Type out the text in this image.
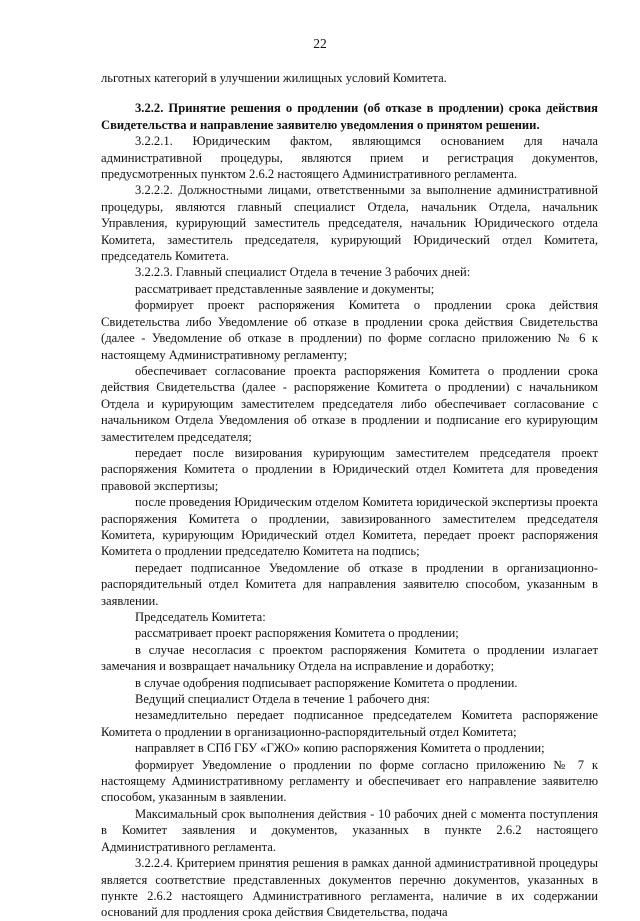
22

льготных категорий в улучшении жилищных условий Комитета.

3.2.2. Принятие решения о продлении (об отказе в продлении) срока действия Свидетельства и направление заявителю уведомления о принятом решении.

3.2.2.1. Юридическим фактом, являющимся основанием для начала административной процедуры, являются прием и регистрация документов, предусмотренных пунктом 2.6.2 настоящего Административного регламента.

3.2.2.2. Должностными лицами, ответственными за выполнение административной процедуры, являются главный специалист Отдела, начальник Отдела, начальник Управления, курирующий заместитель председателя, начальник Юридического отдела Комитета, заместитель председателя, курирующий Юридический отдел Комитета, председатель Комитета.

3.2.2.3. Главный специалист Отдела в течение 3 рабочих дней:

рассматривает представленные заявление и документы;

формирует проект распоряжения Комитета о продлении срока действия Свидетельства либо Уведомление об отказе в продлении срока действия Свидетельства (далее - Уведомление об отказе в продлении) по форме согласно приложению № 6 к настоящему Административному регламенту;

обеспечивает согласование проекта распоряжения Комитета о продлении срока действия Свидетельства (далее - распоряжение Комитета о продлении) с начальником Отдела и курирующим заместителем председателя либо обеспечивает согласование с начальником Отдела Уведомления об отказе в продлении и подписание его курирующим заместителем председателя;

передает после визирования курирующим заместителем председателя проект распоряжения Комитета о продлении в Юридический отдел Комитета для проведения правовой экспертизы;

после проведения Юридическим отделом Комитета юридической экспертизы проекта распоряжения Комитета о продлении, завизированного заместителем председателя Комитета, курирующим Юридический отдел Комитета, передает проект распоряжения Комитета о продлении председателю Комитета на подпись;

передает подписанное Уведомление об отказе в продлении в организационно-распорядительный отдел Комитета для направления заявителю способом, указанным в заявлении.

Председатель Комитета:

рассматривает проект распоряжения Комитета о продлении;

в случае несогласия с проектом распоряжения Комитета о продлении излагает замечания и возвращает начальнику Отдела на исправление и доработку;

в случае одобрения подписывает распоряжение Комитета о продлении.

Ведущий специалист Отдела в течение 1 рабочего дня:

незамедлительно передает подписанное председателем Комитета распоряжение Комитета о продлении в организационно-распорядительный отдел Комитета;

направляет в СПб ГБУ «ГЖО» копию распоряжения Комитета о продлении;

формирует Уведомление о продлении по форме согласно приложению № 7 к настоящему Административному регламенту и обеспечивает его направление заявителю способом, указанным в заявлении.

Максимальный срок выполнения действия - 10 рабочих дней с момента поступления в Комитет заявления и документов, указанных в пункте 2.6.2 настоящего Административного регламента.

3.2.2.4. Критерием принятия решения в рамках данной административной процедуры является соответствие представленных документов перечню документов, указанных в пункте 2.6.2 настоящего Административного регламента, наличие в их содержании оснований для продления срока действия Свидетельства, подача
